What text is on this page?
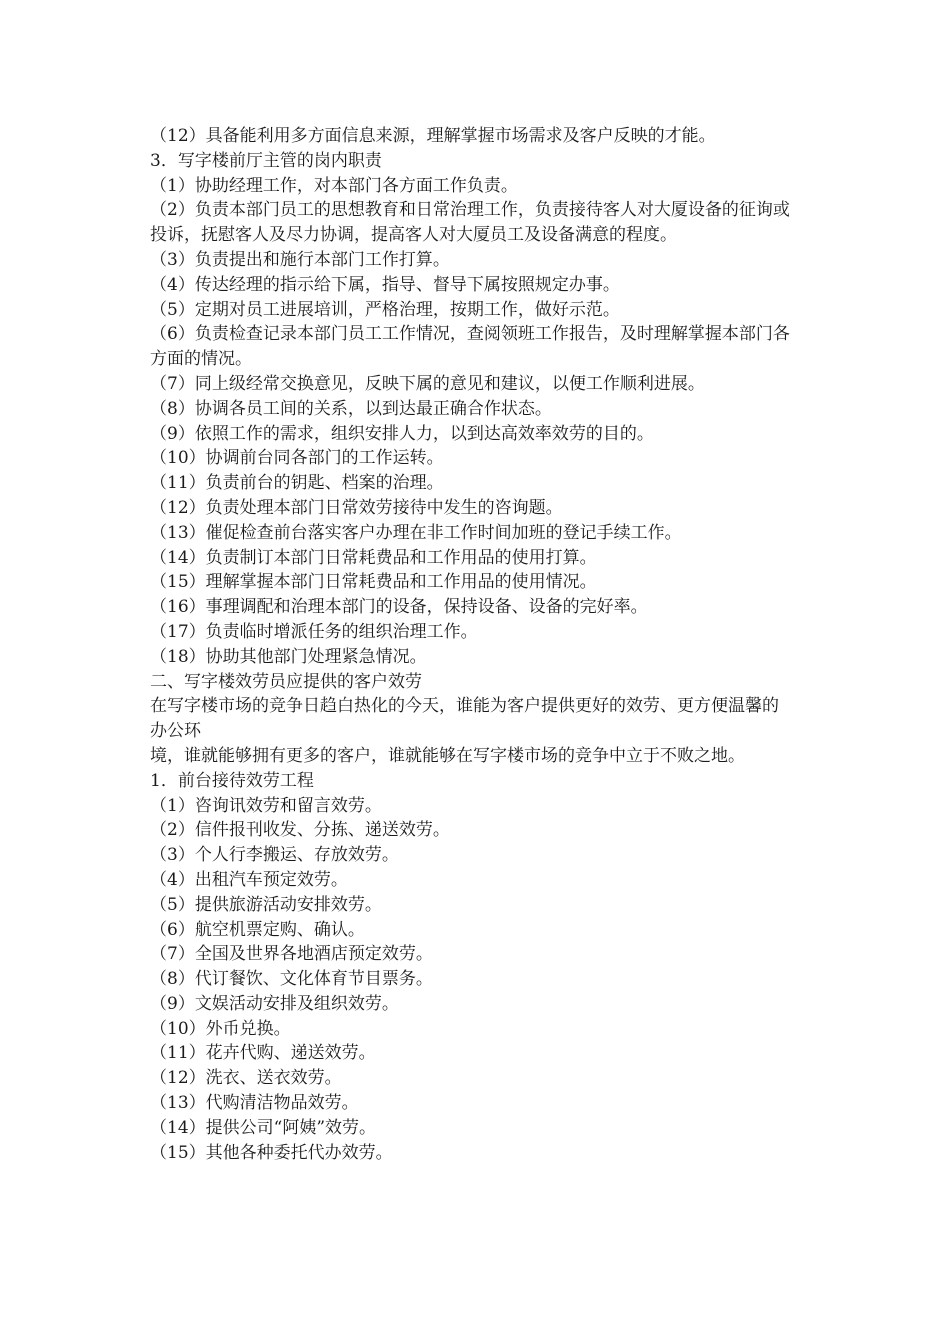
（12）具备能利用多方面信息来源，理解掌握市场需求及客户反映的才能。

3．写字楼前厅主管的岗内职责

（1）协助经理工作，对本部门各方面工作负责。

（2）负责本部门员工的思想教育和日常治理工作，负责接待客人对大厦设备的征询或投诉，抚慰客人及尽力协调，提高客人对大厦员工及设备满意的程度。

（3）负责提出和施行本部门工作打算。

（4）传达经理的指示给下属，指导、督导下属按照规定办事。

（5）定期对员工进展培训，严格治理，按期工作，做好示范。

（6）负责检查记录本部门员工工作情况，查阅领班工作报告，及时理解掌握本部门各方面的情况。

（7）同上级经常交换意见，反映下属的意见和建议，以便工作顺利进展。

（8）协调各员工间的关系，以到达最正确合作状态。

（9）依照工作的需求，组织安排人力，以到达高效率效劳的目的。

（10）协调前台同各部门的工作运转。

（11）负责前台的钥匙、档案的治理。

（12）负责处理本部门日常效劳接待中发生的咨询题。

（13）催促检查前台落实客户办理在非工作时间加班的登记手续工作。

（14）负责制订本部门日常耗费品和工作用品的使用打算。

（15）理解掌握本部门日常耗费品和工作用品的使用情况。

（16）事理调配和治理本部门的设备，保持设备、设备的完好率。

（17）负责临时增派任务的组织治理工作。

（18）协助其他部门处理紧急情况。

二、写字楼效劳员应提供的客户效劳

在写字楼市场的竞争日趋白热化的今天，谁能为客户提供更好的效劳、更方便温馨的办公环

境，谁就能够拥有更多的客户，谁就能够在写字楼市场的竞争中立于不败之地。

1．前台接待效劳工程

（1）咨询讯效劳和留言效劳。

（2）信件报刊收发、分拣、递送效劳。

（3）个人行李搬运、存放效劳。

（4）出租汽车预定效劳。

（5）提供旅游活动安排效劳。

（6）航空机票定购、确认。

（7）全国及世界各地酒店预定效劳。

（8）代订餐饮、文化体育节目票务。

（9）文娱活动安排及组织效劳。

（10）外币兑换。

（11）花卉代购、递送效劳。

（12）洗衣、送衣效劳。

（13）代购清洁物品效劳。

（14）提供公司“阿姨”效劳。

（15）其他各种委托代办效劳。
